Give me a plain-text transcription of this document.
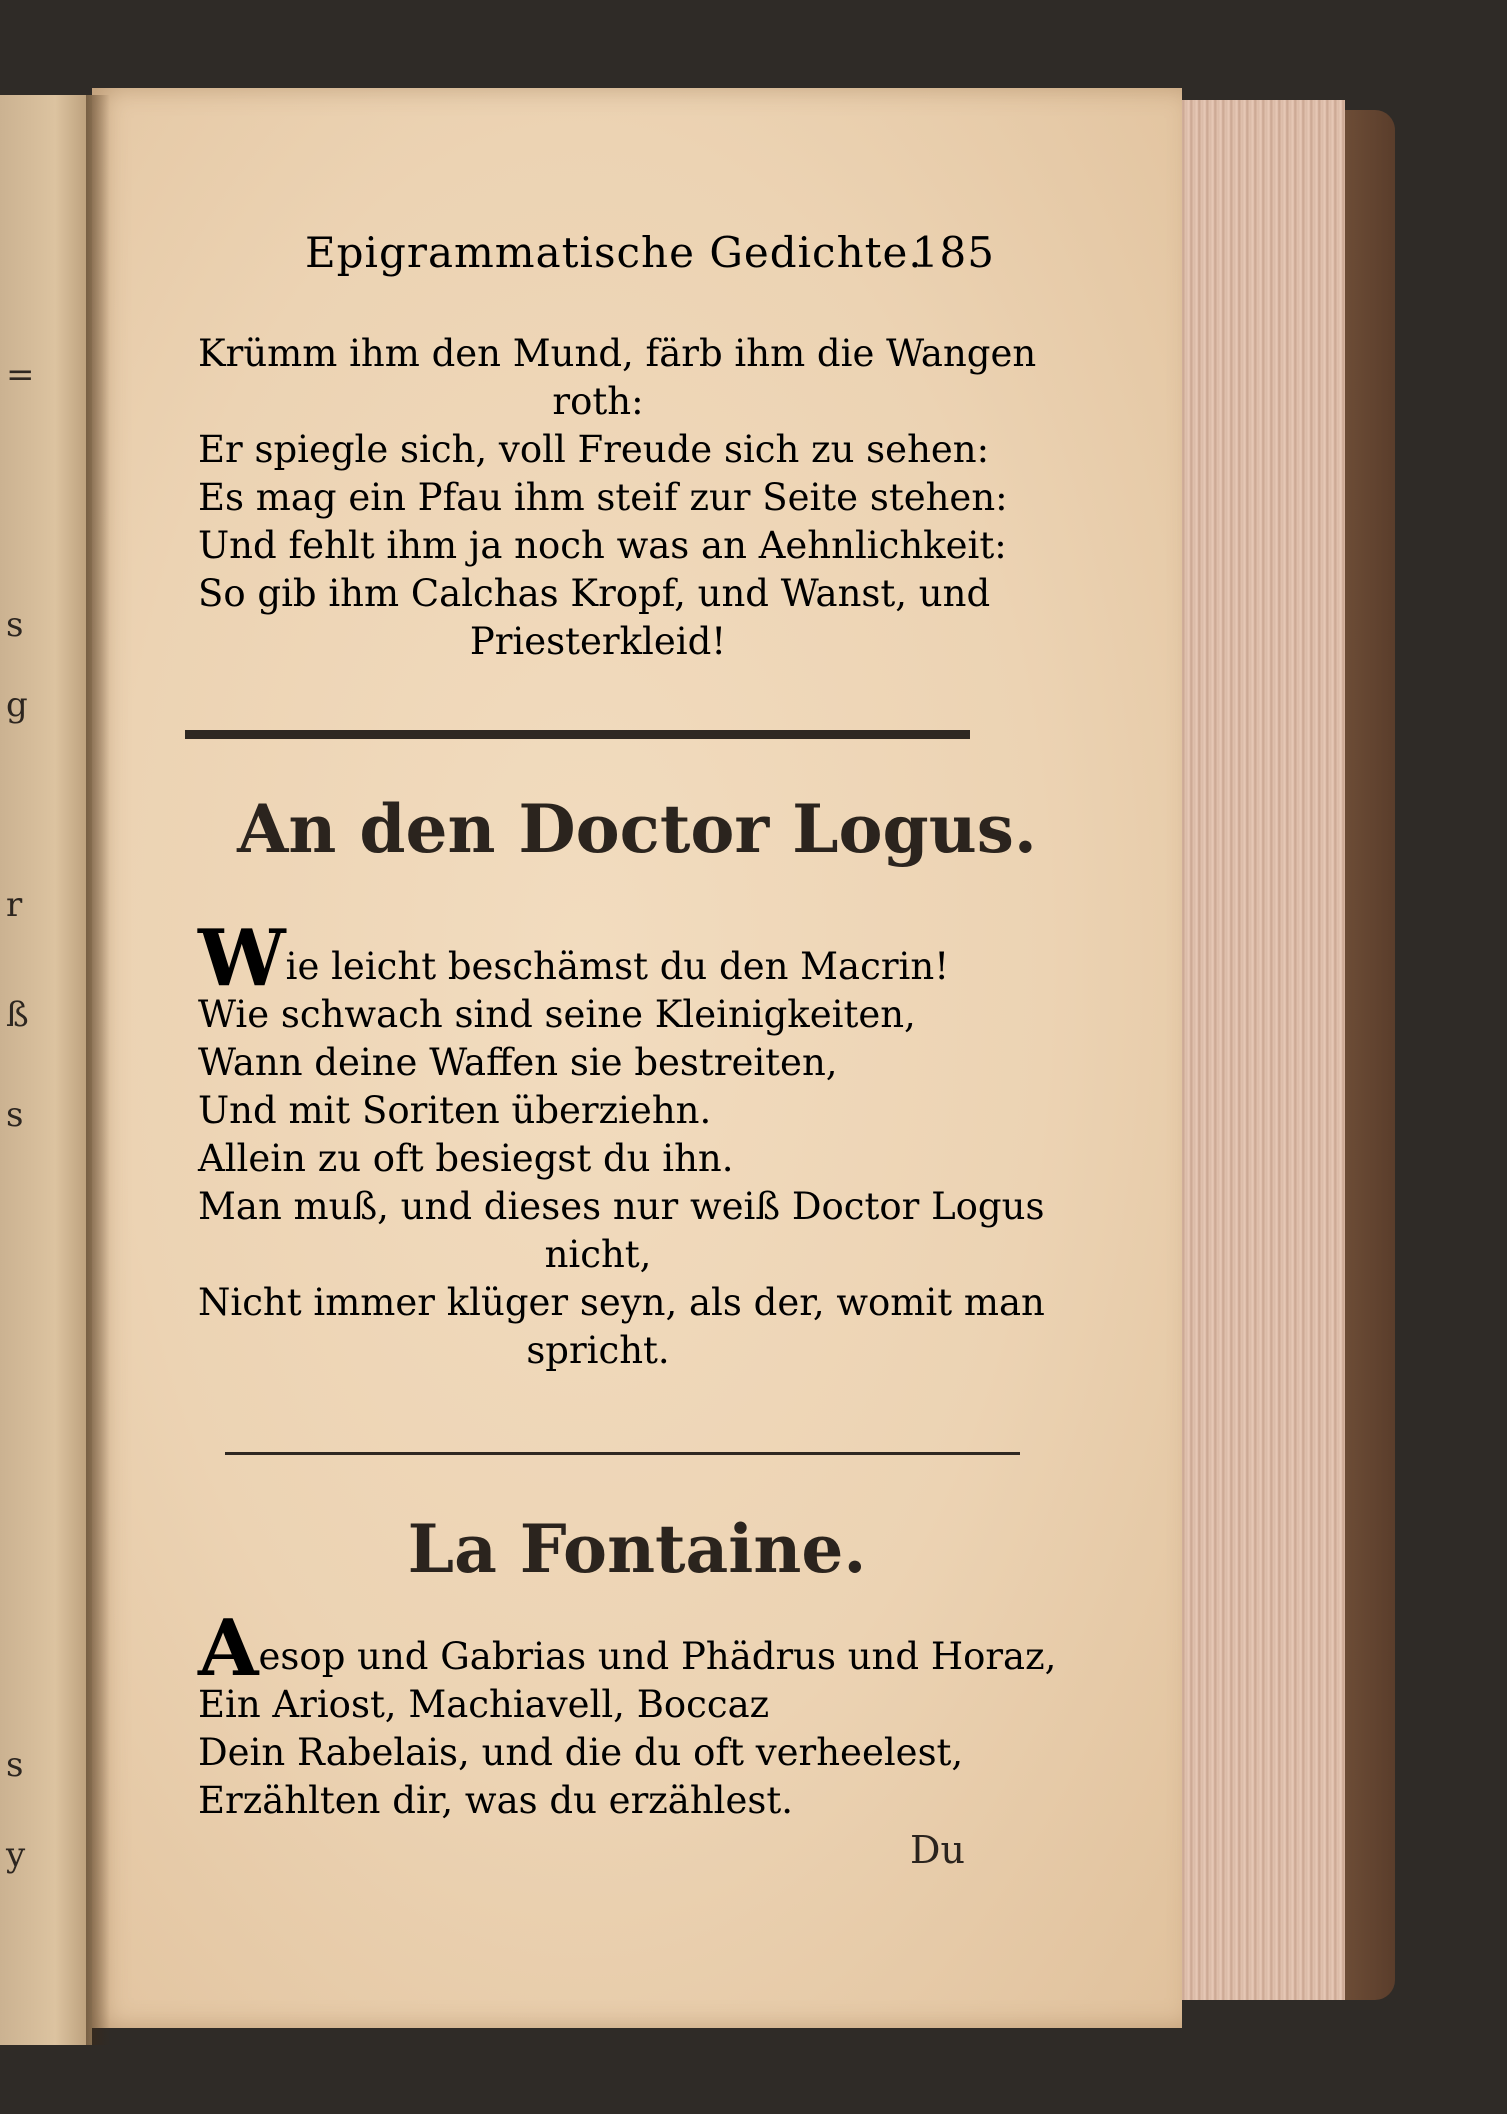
=
s
g
r
ß
s
s
y
Epigrammatische Gedichte.
185
Krümm ihm den Mund, färb ihm die Wangen
roth:
Er spiegle sich, voll Freude sich zu sehen:
Es mag ein Pfau ihm steif zur Seite stehen:
Und fehlt ihm ja noch was an Aehnlichkeit:
So gib ihm Calchas Kropf, und Wanst, und
Priesterkleid!
An den Doctor Logus.
Wie leicht beschämst du den Macrin!
Wie schwach sind seine Kleinigkeiten,
Wann deine Waffen sie bestreiten,
Und mit Soriten überziehn.
Allein zu oft besiegst du ihn.
Man muß, und dieses nur weiß Doctor Logus
nicht,
Nicht immer klüger seyn, als der, womit man
spricht.
La Fontaine.
Aesop und Gabrias und Phädrus und Horaz,
Ein Ariost, Machiavell, Boccaz
Dein Rabelais, und die du oft verheelest,
Erzählten dir, was du erzählest.
Du
